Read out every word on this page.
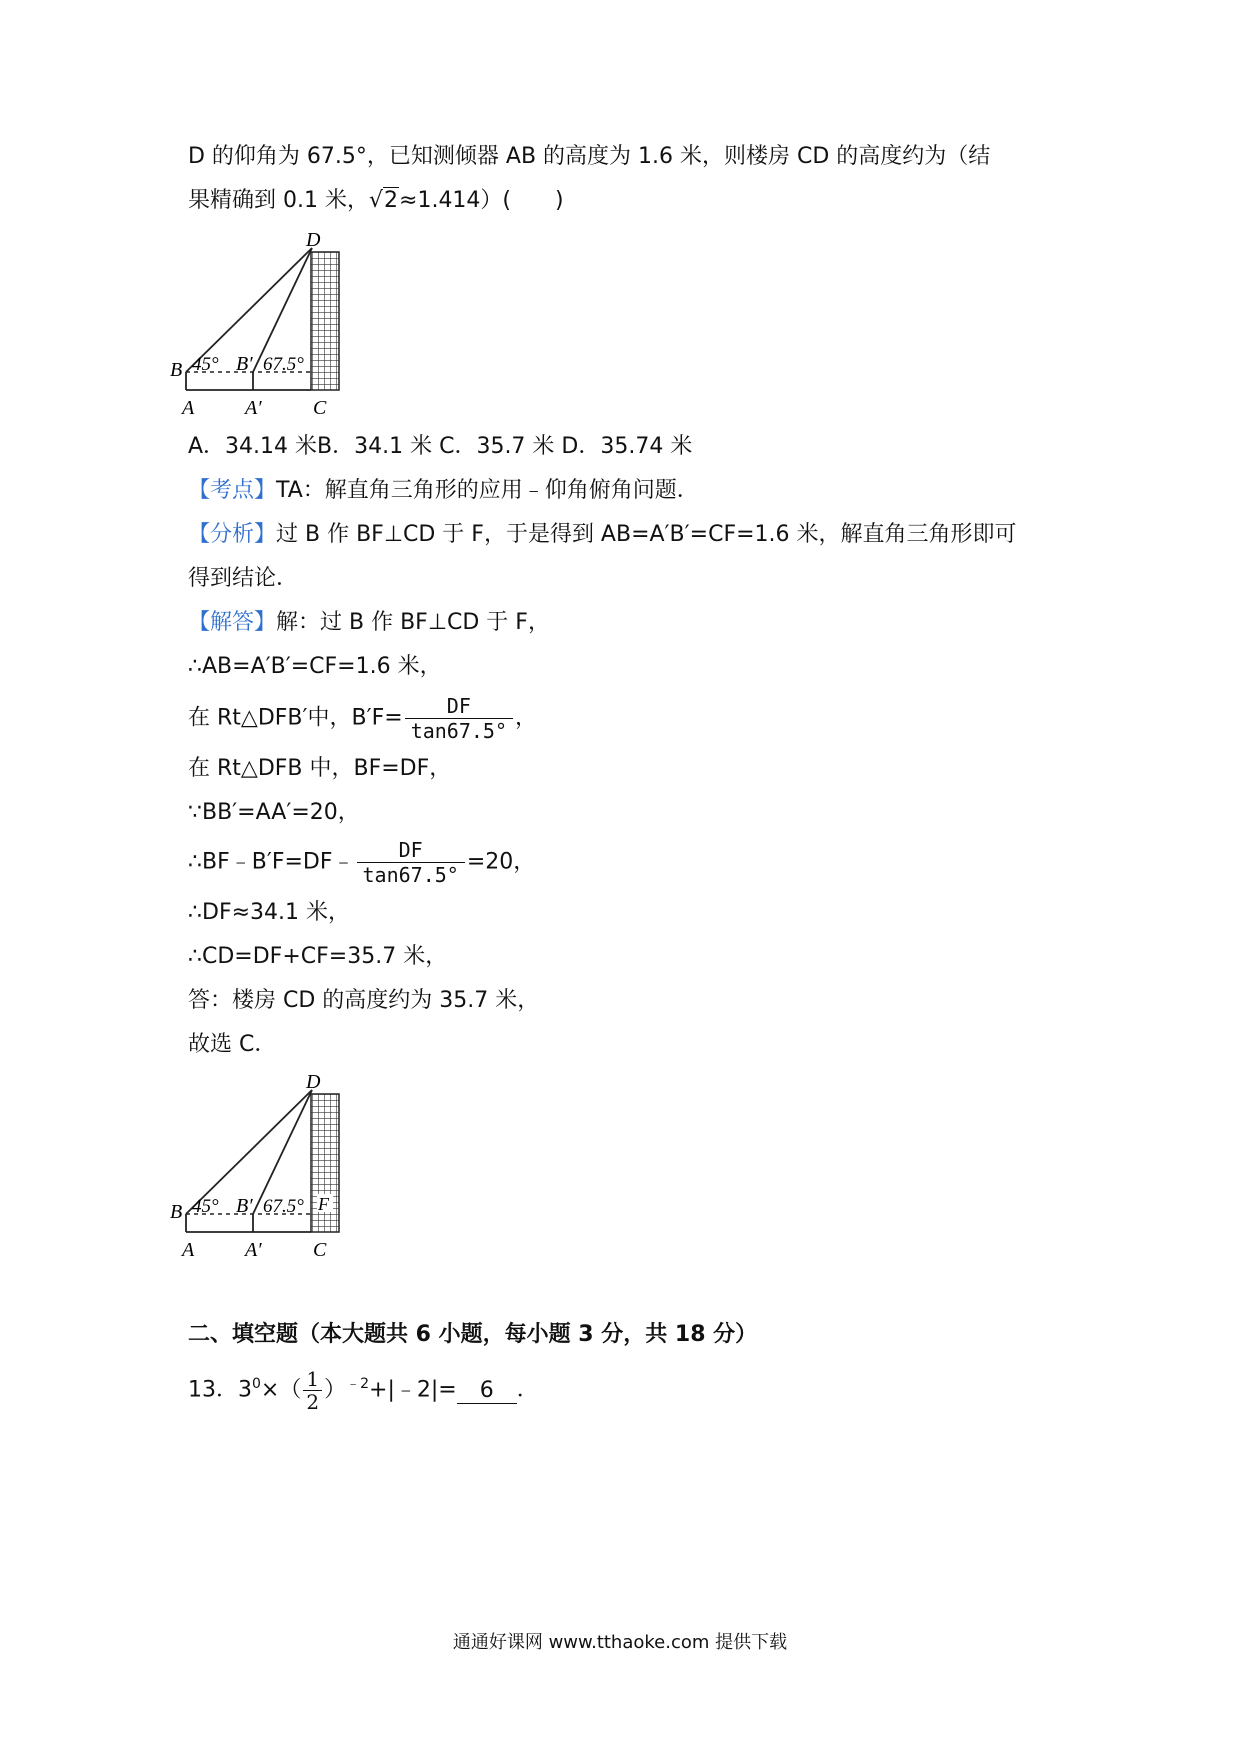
D 的仰角为 67.5°，已知测倾器 AB 的高度为 1.6 米，则楼房 CD 的高度约为（结
果精确到 0.1 米，√2≈1.414）(　　)
D
B	B′
45° 67.5°
A	A′	C
A．34.14 米B．34.1 米 C．35.7 米 D．35.74 米
【考点】TA：解直角三角形的应用﹣仰角俯角问题．
【分析】过 B 作 BF⊥CD 于 F，于是得到 AB=A′B′=CF=1.6 米，解直角三角形即可
得到结论．
【解答】解：过 B 作 BF⊥CD 于 F，
∴AB=A′B′=CF=1.6 米，
在 Rt△DFB′中，$B'F= \frac{DF}{\tan 67.5^\circ}$ ，
在 Rt△DFB 中，BF=DF，
∵BB′=AA′=20，
∴BF﹣B′F=DF﹣ $\frac{DF}{\tan 67.5^\circ} =20$，
∴DF≈34.1 米，
∴CD=DF+CF=35.7 米，
答：楼房 CD 的高度约为 35.7 米，
故选 C．
F
D
B	B′
45° 67.5°
A	A′	C
二、填空题（本大题共 6 小题，每小题 3 分，共 18 分）
13．$3^0\times( \frac{1}{2}$ ）$^{﹣2}+|﹣2|= 6$ ．
通通好课网 www.tthaoke.com 提供下载
